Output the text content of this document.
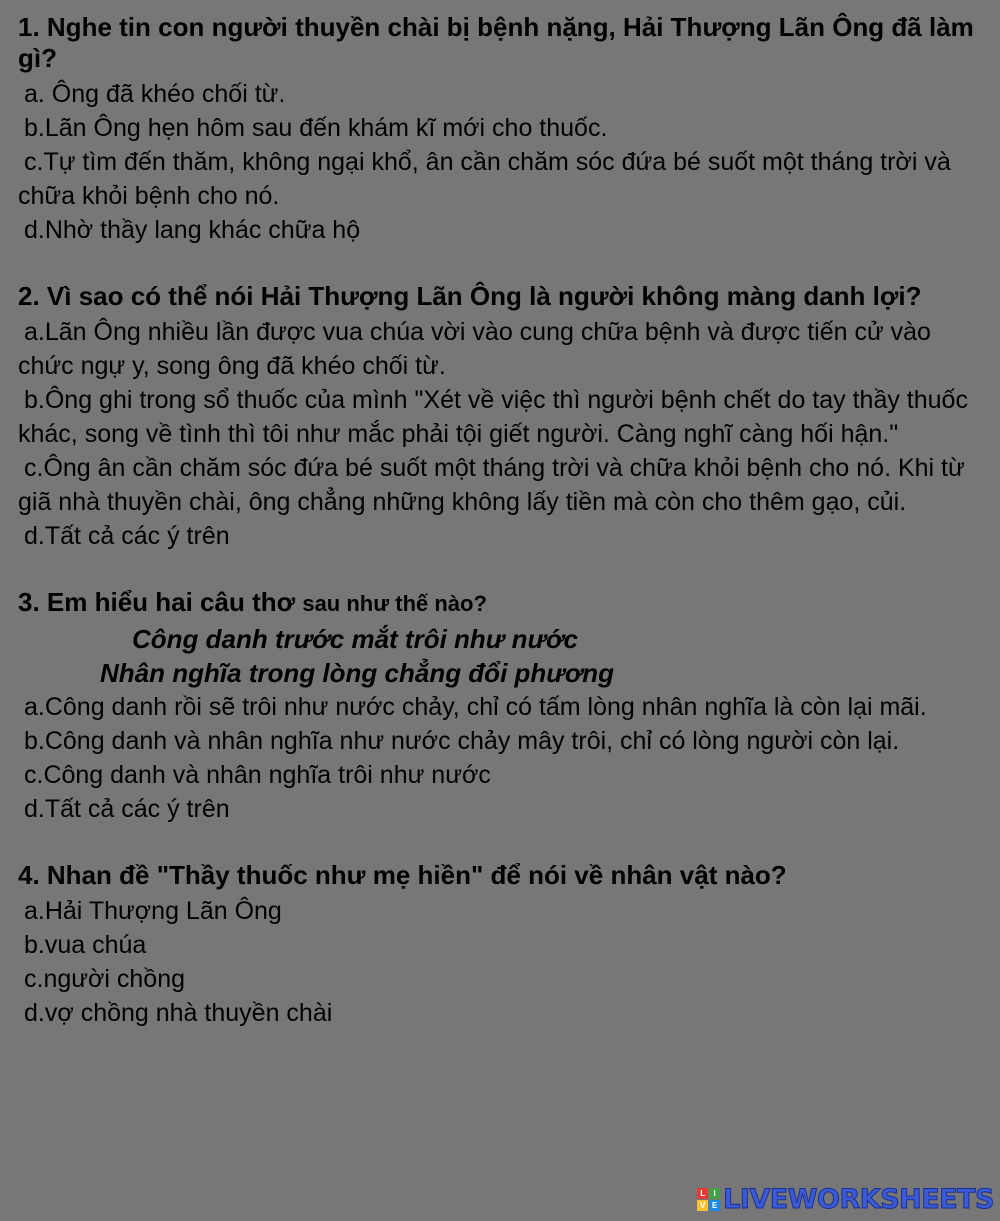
1. Nghe tin con người thuyền chài bị bệnh nặng, Hải Thượng Lãn Ông đã làm gì?

a. Ông đã khéo chối từ.

b.Lãn Ông hẹn hôm sau đến khám kĩ mới cho thuốc.

c.Tự tìm đến thăm, không ngại khổ, ân cần chăm sóc đứa bé suốt một tháng trời và chữa khỏi bệnh cho nó.

d.Nhờ thầy lang khác chữa hộ

2. Vì sao có thể nói Hải Thượng Lãn Ông là người không màng danh lợi?

a.Lãn Ông nhiều lần được vua chúa vời vào cung chữa bệnh và được tiến cử vào chức ngự y, song ông đã khéo chối từ.

b.Ông ghi trong sổ thuốc của mình "Xét về việc thì người bệnh chết do tay thầy thuốc khác, song về tình thì tôi như mắc phải tội giết người. Càng nghĩ càng hối hận."

c.Ông ân cần chăm sóc đứa bé suốt một tháng trời và chữa khỏi bệnh cho nó. Khi từ giã nhà thuyền chài, ông chẳng những không lấy tiền mà còn cho thêm gạo, củi.

d.Tất cả các ý trên

3. Em hiểu hai câu thơ sau như thế nào?

Công danh trước mắt trôi như nước

Nhân nghĩa trong lòng chẳng đổi phương

a.Công danh rồi sẽ trôi như nước chảy, chỉ có tấm lòng nhân nghĩa là còn lại mãi.

b.Công danh và nhân nghĩa như nước chảy mây trôi, chỉ có lòng người còn lại.

c.Công danh và nhân nghĩa trôi như nước

d.Tất cả các ý trên

4. Nhan đề "Thầy thuốc như mẹ hiền" để nói về nhân vật nào?

a.Hải Thượng Lãn Ông

b.vua chúa

c.người chồng

d.vợ chồng nhà thuyền chài

L	I
V E LIVEWORKSHEETS
